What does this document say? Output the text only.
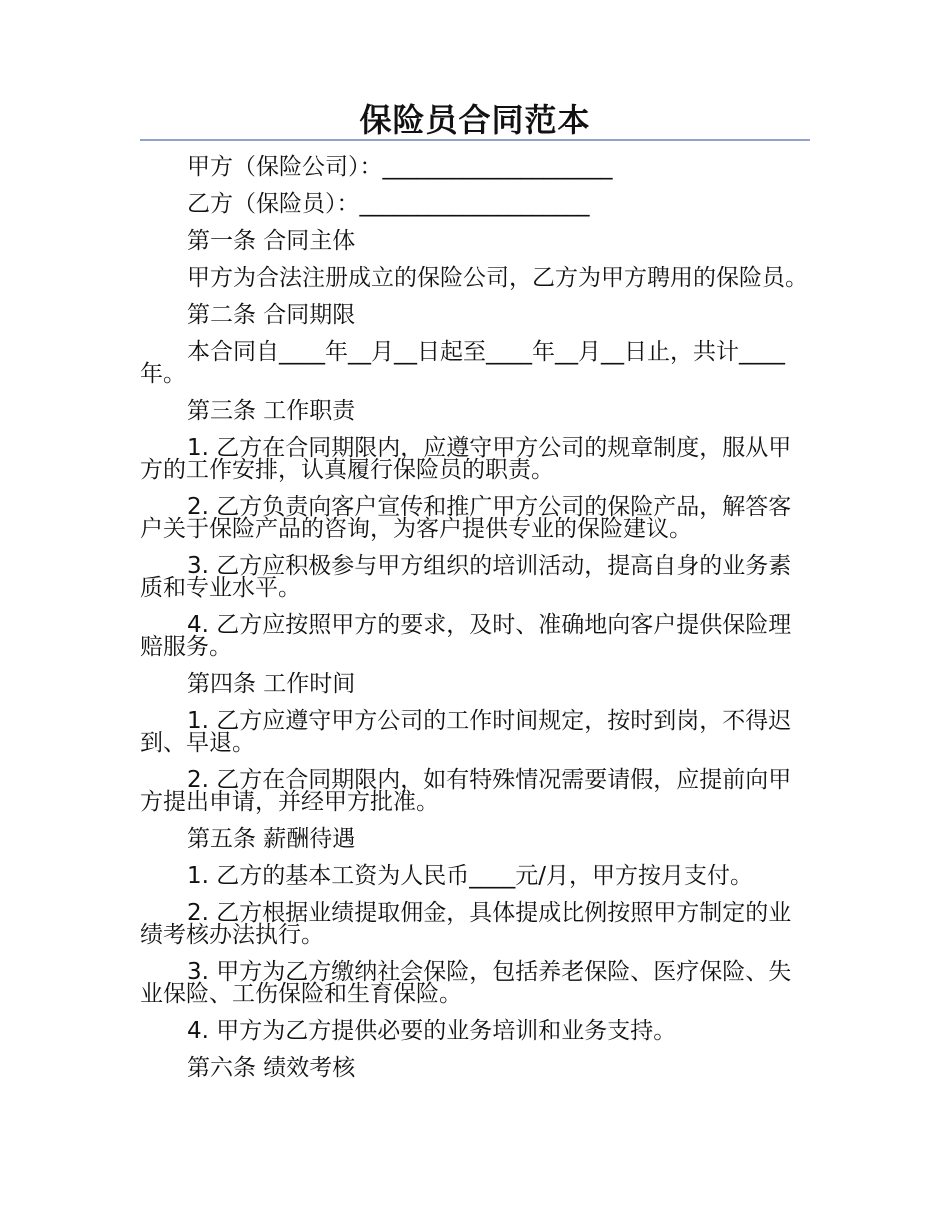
保险员合同范本

甲方（保险公司）：____________________

乙方（保险员）：____________________

第一条 合同主体

甲方为合法注册成立的保险公司，乙方为甲方聘用的保险员。

第二条 合同期限

本合同自____年__月__日起至____年__月__日止，共计____年。

第三条 工作职责

1. 乙方在合同期限内，应遵守甲方公司的规章制度，服从甲方的工作安排，认真履行保险员的职责。

2. 乙方负责向客户宣传和推广甲方公司的保险产品，解答客户关于保险产品的咨询，为客户提供专业的保险建议。

3. 乙方应积极参与甲方组织的培训活动，提高自身的业务素质和专业水平。

4. 乙方应按照甲方的要求，及时、准确地向客户提供保险理赔服务。

第四条 工作时间

1. 乙方应遵守甲方公司的工作时间规定，按时到岗，不得迟到、早退。

2. 乙方在合同期限内，如有特殊情况需要请假，应提前向甲方提出申请，并经甲方批准。

第五条 薪酬待遇

1. 乙方的基本工资为人民币____元/月，甲方按月支付。

2. 乙方根据业绩提取佣金，具体提成比例按照甲方制定的业绩考核办法执行。

3. 甲方为乙方缴纳社会保险，包括养老保险、医疗保险、失业保险、工伤保险和生育保险。

4. 甲方为乙方提供必要的业务培训和业务支持。

第六条 绩效考核
